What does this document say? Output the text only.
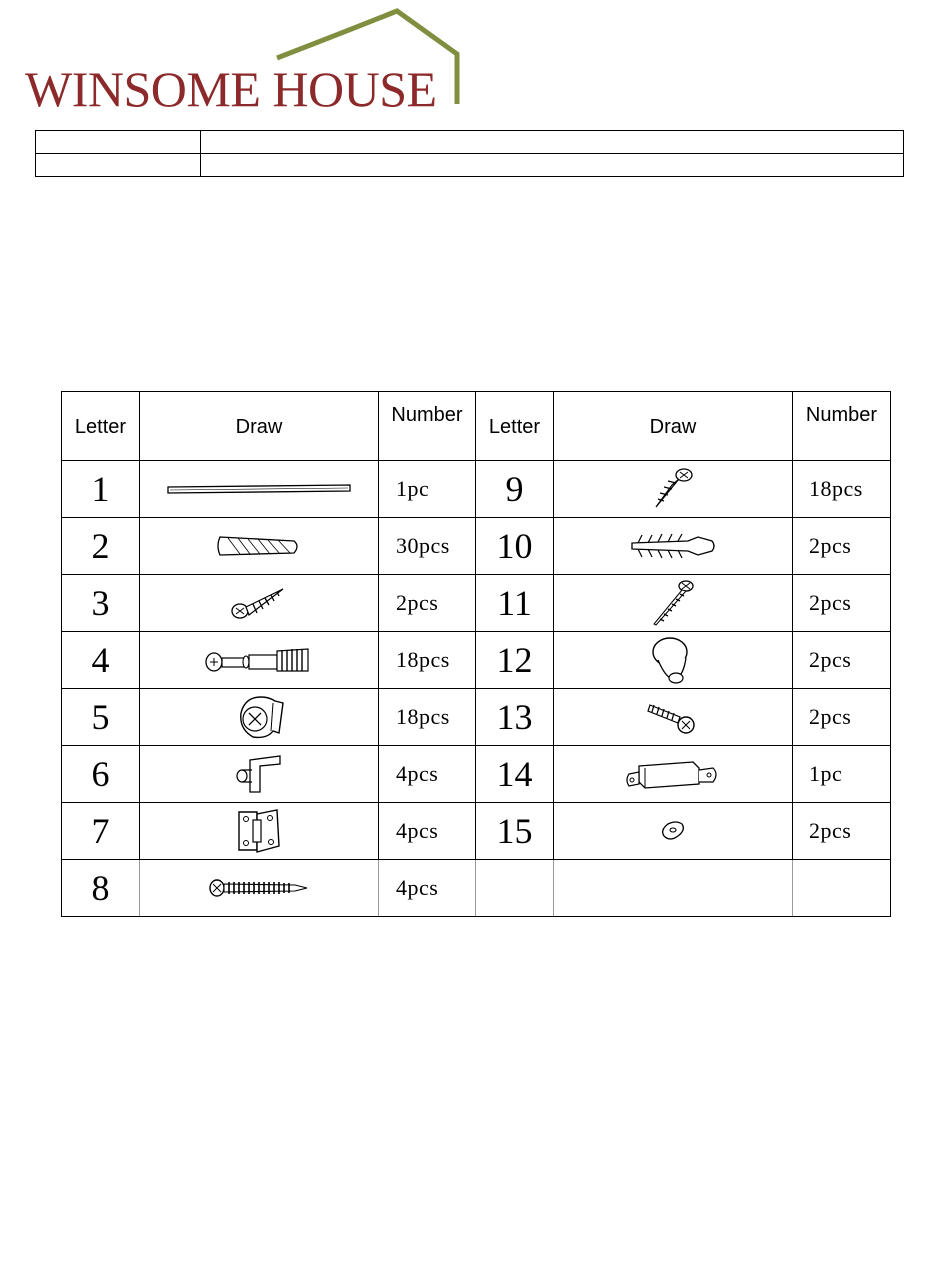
WINSOME HOUSE

Letter	Draw	Number	Letter	Draw	Number
1		1pc	9		18pcs
2		30pcs	10		2pcs
3		2pcs	11		2pcs
4		18pcs	12		2pcs
5		18pcs	13		2pcs
6		4pcs	14		1pc
7		4pcs	15		2pcs
8		4pcs			
